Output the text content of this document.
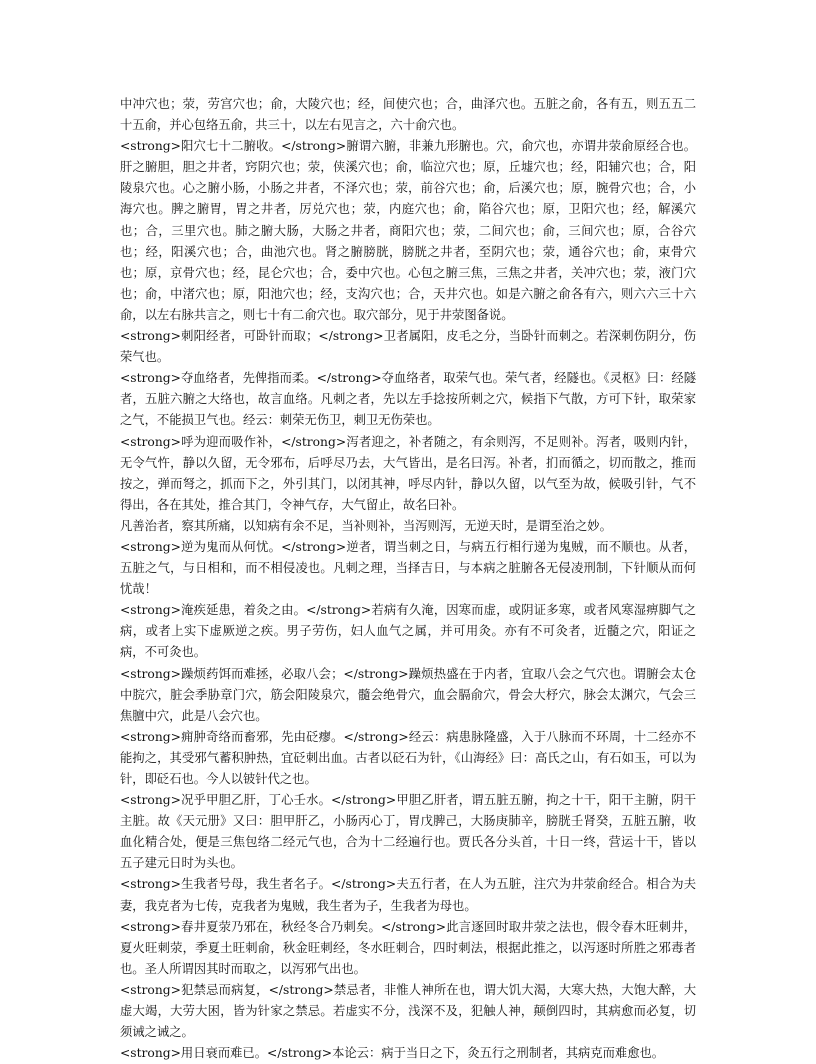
中冲穴也；荥，劳宫穴也；俞，大陵穴也；经，间使穴也；合，曲泽穴也。五脏之俞，各有五，则五五二十五俞，并心包络五俞，共三十，以左右见言之，六十俞穴也。

<strong>阳穴七十二腑收。</strong>腑谓六腑，非兼九形腑也。穴，俞穴也，亦谓井荥俞原经合也。肝之腑胆，胆之井者，窍阴穴也；荥，侠溪穴也；俞，临泣穴也；原，丘墟穴也；经，阳辅穴也；合，阳陵泉穴也。心之腑小肠，小肠之井者，不泽穴也；荥，前谷穴也；俞，后溪穴也；原，腕骨穴也；合，小海穴也。脾之腑胃，胃之井者，厉兑穴也；荥，内庭穴也；俞，陷谷穴也；原，卫阳穴也；经，解溪穴也；合，三里穴也。肺之腑大肠，大肠之井者，商阳穴也；荥，二间穴也；俞，三间穴也；原，合谷穴也；经，阳溪穴也；合，曲池穴也。肾之腑膀胱，膀胱之井者，至阴穴也；荥，通谷穴也；俞，束骨穴也；原，京骨穴也；经，昆仑穴也；合，委中穴也。心包之腑三焦，三焦之井者，关冲穴也；荥，液门穴也；俞，中渚穴也；原，阳池穴也；经，支沟穴也；合，天井穴也。如是六腑之俞各有六，则六六三十六俞，以左右脉共言之，则七十有二俞穴也。取穴部分，见于井荥图备说。

<strong>刺阳经者，可卧针而取；</strong>卫者属阳，皮毛之分，当卧针而刺之。若深刺伤阴分，伤荣气也。

<strong>夺血络者，先俾指而柔。</strong>夺血络者，取荣气也。荣气者，经隧也。《灵枢》曰：经隧者，五脏六腑之大络也，故言血络。凡刺之者，先以左手捻按所刺之穴，候指下气散，方可下针，取荣家之气，不能损卫气也。经云：刺荣无伤卫，刺卫无伤荣也。

<strong>呼为迎而吸作补，</strong>泻者迎之，补者随之，有余则泻，不足则补。泻者，吸则内针，无令气忤，静以久留，无令邪布，后呼尽乃去，大气皆出，是名曰泻。补者，扪而循之，切而散之，推而按之，弹而弩之，抓而下之，外引其门，以闭其神，呼尽内针，静以久留，以气至为故，候吸引针，气不得出，各在其处，推合其门，令神气存，大气留止，故名曰补。

凡善治者，察其所痛，以知病有余不足，当补则补，当泻则泻，无逆天时，是谓至治之妙。

<strong>逆为鬼而从何忧。</strong>逆者，谓当刺之日，与病五行相行递为鬼贼，而不顺也。从者，五脏之气，与日相和，而不相侵凌也。凡刺之理，当择吉日，与本病之脏腑各无侵凌刑制，下针顺从而何忧哉！

<strong>淹疾延患，着灸之由。</strong>若病有久淹，因寒而虚，或阴证多寒，或者风寒湿痹脚气之病，或者上实下虚厥逆之疾。男子劳伤，妇人血气之属，并可用灸。亦有不可灸者，近髓之穴，阳证之病，不可灸也。

<strong>躁烦药饵而难拯，必取八会；</strong>躁烦热盛在于内者，宜取八会之气穴也。谓腑会太仓中脘穴，脏会季胁章门穴，筋会阳陵泉穴，髓会绝骨穴，血会膈俞穴，骨会大杼穴，脉会太渊穴，气会三焦膻中穴，此是八会穴也。

<strong>痈肿奇络而畜邪，先由砭瘳。</strong>经云：病患脉隆盛，入于八脉而不环周，十二经亦不能拘之，其受邪气蓄积肿热，宜砭刺出血。古者以砭石为针，《山海经》曰：高氏之山，有石如玉，可以为针，即砭石也。今人以铍针代之也。

<strong>况乎甲胆乙肝，丁心壬水。</strong>甲胆乙肝者，谓五脏五腑，拘之十干，阳干主腑，阴干主脏。故《天元册》又曰：胆甲肝乙，小肠丙心丁，胃戊脾己，大肠庚肺辛，膀胱壬肾癸，五脏五腑，收血化精合处，便是三焦包络二经元气也，合为十二经遍行也。贾氏各分头首，十日一终，营运十干，皆以五子建元日时为头也。

<strong>生我者号母，我生者名子。</strong>夫五行者，在人为五脏，注穴为井荥俞经合。相合为夫妻，我克者为七传，克我者为鬼贼，我生者为子，生我者为母也。

<strong>春井夏荥乃邪在，秋经冬合乃刺矣。</strong>此言逐回时取井荥之法也，假令春木旺刺井，夏火旺刺荥，季夏土旺刺俞，秋金旺刺经，冬水旺刺合，四时刺法，根据此推之，以泻逐时所胜之邪毒者也。圣人所谓因其时而取之，以泻邪气出也。

<strong>犯禁忌而病复，</strong>禁忌者，非惟人神所在也，谓大饥大渴，大寒大热，大饱大醉，大虚大竭，大劳大困，皆为针家之禁忌。若虚实不分，浅深不及，犯触人神，颠倒四时，其病愈而必复，切须诫之诫之。

<strong>用日衰而难已。</strong>本论云：病于当日之下，灸五行之刑制者，其病克而难愈也。
